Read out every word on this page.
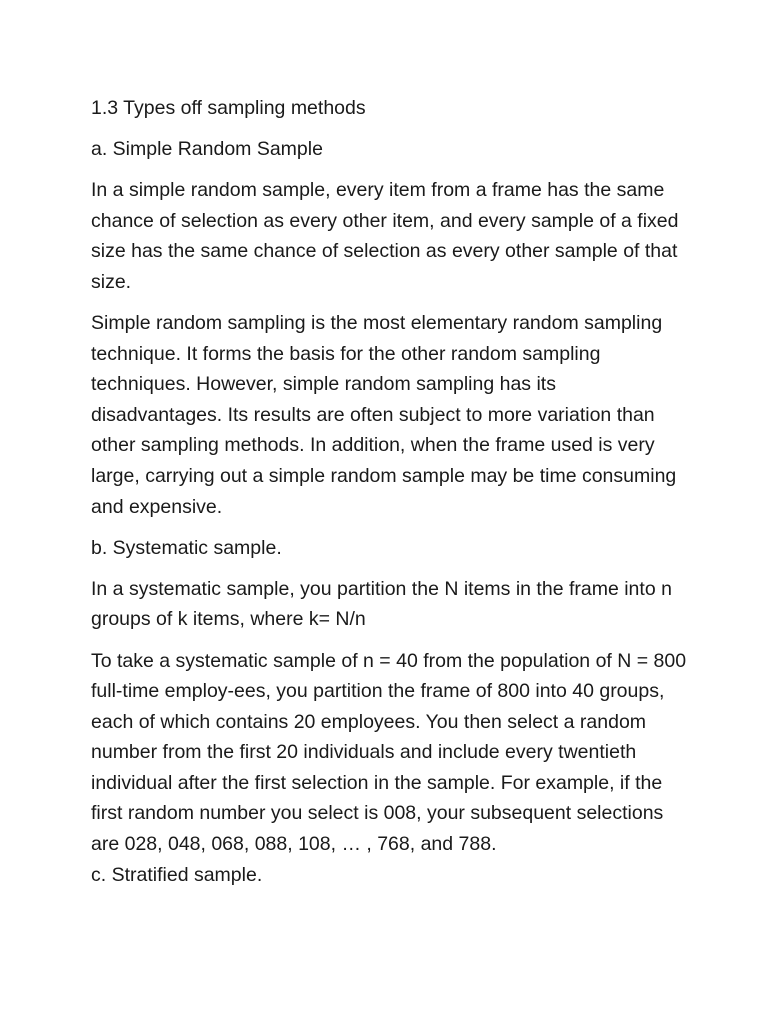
1.3 Types off sampling methods

a. Simple Random Sample

In a simple random sample, every item from a frame has the same chance of selection as every other item, and every sample of a fixed size has the same chance of selection as every other sample of that size.

Simple random sampling is the most elementary random sampling technique. It forms the basis for the other random sampling techniques. However, simple random sampling has its disadvantages. Its results are often subject to more variation than other sampling methods. In addition, when the frame used is very large, carrying out a simple random sample may be time consuming and expensive.

b. Systematic sample.

In a systematic sample, you partition the N items in the frame into n groups of k items, where k= N/n

To take a systematic sample of n = 40 from the population of N = 800 full-time employ-ees, you partition the frame of 800 into 40 groups, each of which contains 20 employees. You then select a random number from the first 20 individuals and include every twentieth individual after the first selection in the sample. For example, if the first random number you select is 008, your subsequent selections are 028, 048, 068, 088, 108, … , 768, and 788.

c. Stratified sample.
